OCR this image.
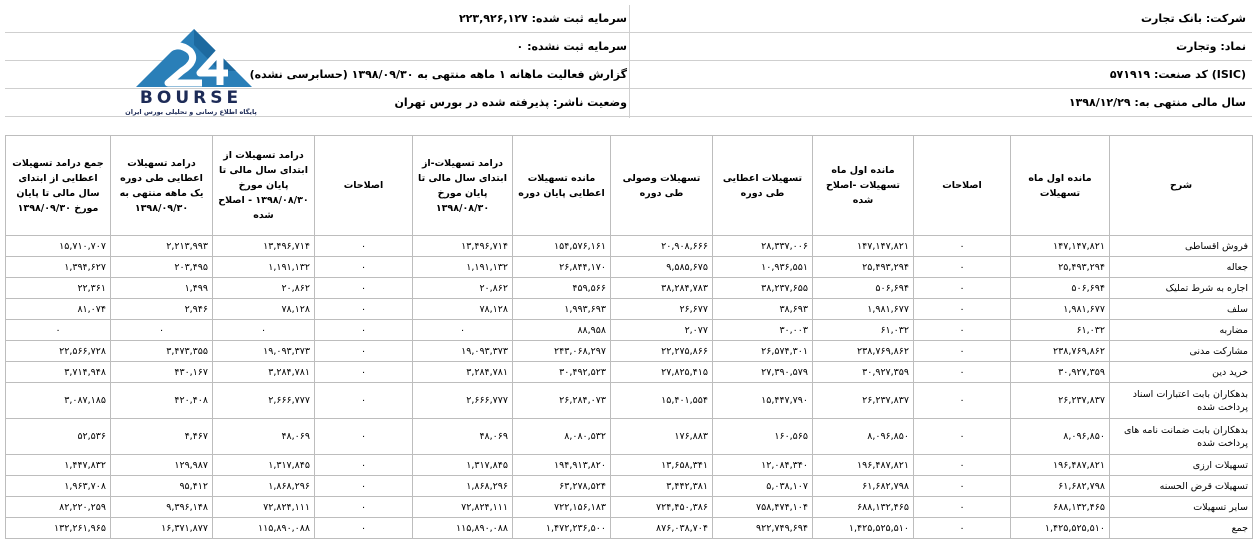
شرکت: بانک تجارت
سرمایه ثبت شده: ۲۲۳,۹۲۶,۱۲۷
نماد: وتجارت
سرمایه ثبت نشده: ۰
(ISIC) کد صنعت: ۵۷۱۹۱۹
گزارش فعالیت ماهانه ۱ ماهه منتهی به ۱۳۹۸/۰۹/۳۰ (حسابرسی نشده)
سال مالی منتهی به: ۱۳۹۸/۱۲/۲۹
وضعیت ناشر: پذیرفته شده در بورس تهران
BOURSE
پایگاه اطلاع رسانی و تحلیلی بورس ایران
شرح	مانده اول ماه تسهیلات	اصلاحات	مانده اول ماه تسهیلات -اصلاح شده	تسهیلات اعطایی طی دوره	تسهیلات وصولی طی دوره	مانده تسهیلات اعطایی پایان دوره	درامد تسهیلات-از ابتدای سال مالی تا پایان مورخ ۱۳۹۸/۰۸/۳۰	اصلاحات	درامد تسهیلات از ابتدای سال مالی تا پایان مورخ ۱۳۹۸/۰۸/۳۰ - اصلاح شده	درامد تسهیلات اعطایی طی دوره یک ماهه منتهی به ۱۳۹۸/۰۹/۳۰	جمع درامد تسهیلات اعطایی از ابتدای سال مالی تا پایان مورخ ۱۳۹۸/۰۹/۳۰
فروش اقساطی	۱۴۷,۱۴۷,۸۲۱	۰	۱۴۷,۱۴۷,۸۲۱	۲۸,۳۳۷,۰۰۶	۲۰,۹۰۸,۶۶۶	۱۵۴,۵۷۶,۱۶۱	۱۳,۴۹۶,۷۱۴	۰	۱۳,۴۹۶,۷۱۴	۲,۲۱۳,۹۹۳	۱۵,۷۱۰,۷۰۷
جعاله	۲۵,۴۹۳,۲۹۴	۰	۲۵,۴۹۳,۲۹۴	۱۰,۹۳۶,۵۵۱	۹,۵۸۵,۶۷۵	۲۶,۸۴۴,۱۷۰	۱,۱۹۱,۱۳۲	۰	۱,۱۹۱,۱۳۲	۲۰۳,۴۹۵	۱,۳۹۴,۶۲۷
اجاره به شرط تملیک	۵۰۶,۶۹۴	۰	۵۰۶,۶۹۴	۳۸,۲۳۷,۶۵۵	۳۸,۲۸۴,۷۸۳	۴۵۹,۵۶۶	۲۰,۸۶۲	۰	۲۰,۸۶۲	۱,۴۹۹	۲۲,۳۶۱
سلف	۱,۹۸۱,۶۷۷	۰	۱,۹۸۱,۶۷۷	۳۸,۶۹۳	۲۶,۶۷۷	۱,۹۹۳,۶۹۳	۷۸,۱۲۸	۰	۷۸,۱۲۸	۲,۹۴۶	۸۱,۰۷۴
مضاربه	۶۱,۰۳۲	۰	۶۱,۰۳۲	۳۰,۰۰۳	۲,۰۷۷	۸۸,۹۵۸	۰	۰	۰	۰	۰
مشارکت مدنی	۲۳۸,۷۶۹,۸۶۲	۰	۲۳۸,۷۶۹,۸۶۲	۲۶,۵۷۴,۳۰۱	۲۲,۲۷۵,۸۶۶	۲۴۳,۰۶۸,۲۹۷	۱۹,۰۹۳,۳۷۳	۰	۱۹,۰۹۳,۳۷۳	۳,۴۷۳,۳۵۵	۲۲,۵۶۶,۷۲۸
خرید دین	۳۰,۹۲۷,۳۵۹	۰	۳۰,۹۲۷,۳۵۹	۲۷,۳۹۰,۵۷۹	۲۷,۸۲۵,۴۱۵	۳۰,۴۹۲,۵۲۳	۳,۲۸۴,۷۸۱	۰	۳,۲۸۴,۷۸۱	۴۳۰,۱۶۷	۳,۷۱۴,۹۴۸
بدهکاران بابت اعتبارات اسناد پرداخت شده	۲۶,۲۳۷,۸۳۷	۰	۲۶,۲۳۷,۸۳۷	۱۵,۴۴۷,۷۹۰	۱۵,۴۰۱,۵۵۴	۲۶,۲۸۴,۰۷۳	۲,۶۶۶,۷۷۷	۰	۲,۶۶۶,۷۷۷	۴۲۰,۴۰۸	۳,۰۸۷,۱۸۵
بدهکاران بابت ضمانت نامه های پرداخت شده	۸,۰۹۶,۸۵۰	۰	۸,۰۹۶,۸۵۰	۱۶۰,۵۶۵	۱۷۶,۸۸۳	۸,۰۸۰,۵۳۲	۴۸,۰۶۹	۰	۴۸,۰۶۹	۴,۴۶۷	۵۲,۵۳۶
تسهیلات ارزی	۱۹۶,۴۸۷,۸۲۱	۰	۱۹۶,۴۸۷,۸۲۱	۱۲,۰۸۴,۳۴۰	۱۳,۶۵۸,۳۴۱	۱۹۴,۹۱۳,۸۲۰	۱,۳۱۷,۸۴۵	۰	۱,۳۱۷,۸۴۵	۱۲۹,۹۸۷	۱,۴۴۷,۸۳۲
تسهیلات قرض الحسنه	۶۱,۶۸۲,۷۹۸	۰	۶۱,۶۸۲,۷۹۸	۵,۰۳۸,۱۰۷	۳,۴۴۲,۳۸۱	۶۳,۲۷۸,۵۲۴	۱,۸۶۸,۲۹۶	۰	۱,۸۶۸,۲۹۶	۹۵,۴۱۲	۱,۹۶۳,۷۰۸
سایر تسهیلات	۶۸۸,۱۳۲,۴۶۵	۰	۶۸۸,۱۳۲,۴۶۵	۷۵۸,۴۷۴,۱۰۴	۷۲۴,۴۵۰,۳۸۶	۷۲۲,۱۵۶,۱۸۳	۷۲,۸۲۴,۱۱۱	۰	۷۲,۸۲۴,۱۱۱	۹,۳۹۶,۱۴۸	۸۲,۲۲۰,۲۵۹
جمع	۱,۴۲۵,۵۲۵,۵۱۰	۰	۱,۴۲۵,۵۲۵,۵۱۰	۹۲۲,۷۴۹,۶۹۴	۸۷۶,۰۳۸,۷۰۴	۱,۴۷۲,۲۳۶,۵۰۰	۱۱۵,۸۹۰,۰۸۸	۰	۱۱۵,۸۹۰,۰۸۸	۱۶,۳۷۱,۸۷۷	۱۳۲,۲۶۱,۹۶۵
